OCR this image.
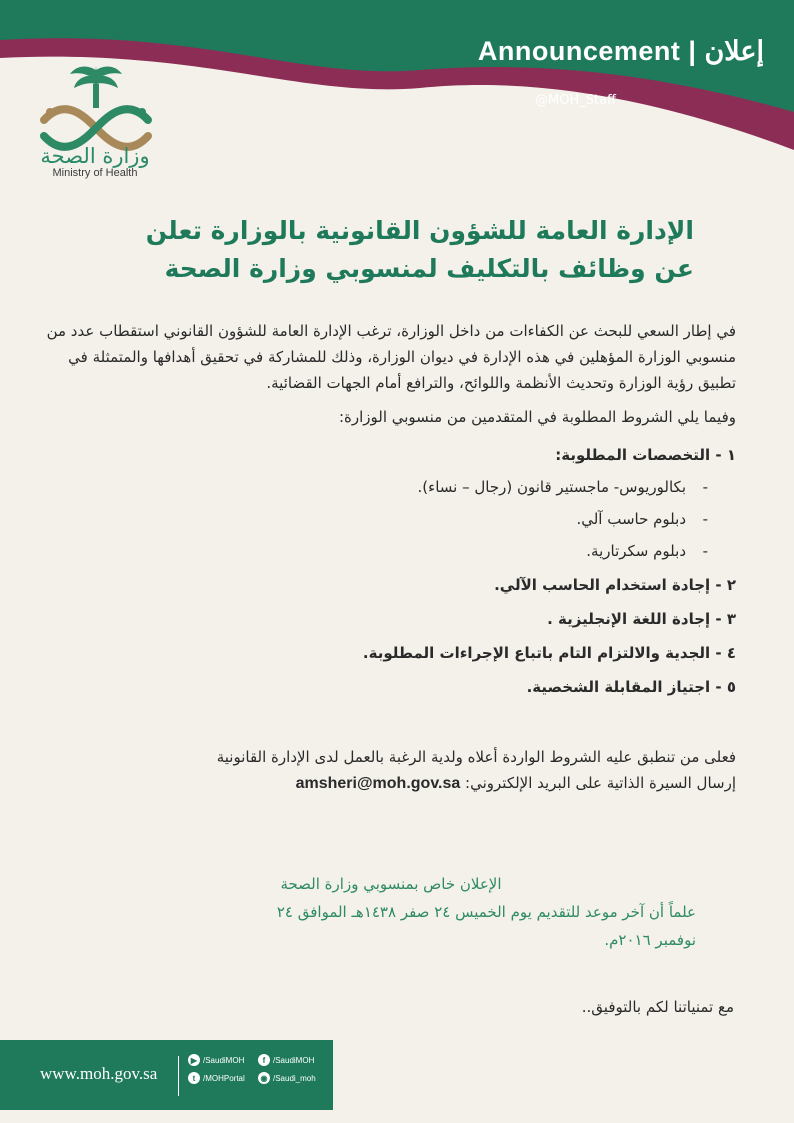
Announcement | إعلان
@MOH_Staff
وزارة الصحة
Ministry of Health
الإدارة العامة للشؤون القانونية بالوزارة تعلن
عن وظائف بالتكليف لمنسوبي وزارة الصحة

في إطار السعي للبحث عن الكفاءات من داخل الوزارة، ترغب الإدارة العامة للشؤون القانوني استقطاب عدد من منسوبي الوزارة المؤهلين في هذه الإدارة في ديوان الوزارة، وذلك للمشاركة في تحقيق أهدافها والمتمثلة في تطبيق رؤية الوزارة وتحديث الأنظمة واللوائح، والترافع أمام الجهات القضائية.

وفيما يلي الشروط المطلوبة في المتقدمين من منسوبي الوزارة:

١ - التخصصات المطلوبة:

-بكالوريوس- ماجستير قانون (رجال – نساء).
-دبلوم حاسب آلي.
-دبلوم سكرتارية.

٢ - إجادة استخدام الحاسب الآلي.

٣ - إجادة اللغة الإنجليزية .

٤ - الجدية والالتزام التام باتباع الإجراءات المطلوبة.

٥ - اجتياز المقابلة الشخصية.

فعلى من تنطبق عليه الشروط الواردة أعلاه ولدية الرغبة بالعمل لدى الإدارة القانونية

إرسال السيرة الذاتية على البريد الإلكتروني: amsheri@moh.gov.sa

الإعلان خاص بمنسوبي وزارة الصحة

علماً أن آخر موعد للتقديم يوم الخميس ٢٤ صفر ١٤٣٨هـ الموافق ٢٤

نوفمبر ٢٠١٦م.

مع تمنياتنا لكم بالتوفيق..
www.moh.gov.sa
▶ /SaudiMOH	f /SaudiMOH
t /MOHPortal	◉ /Saudi_moh
